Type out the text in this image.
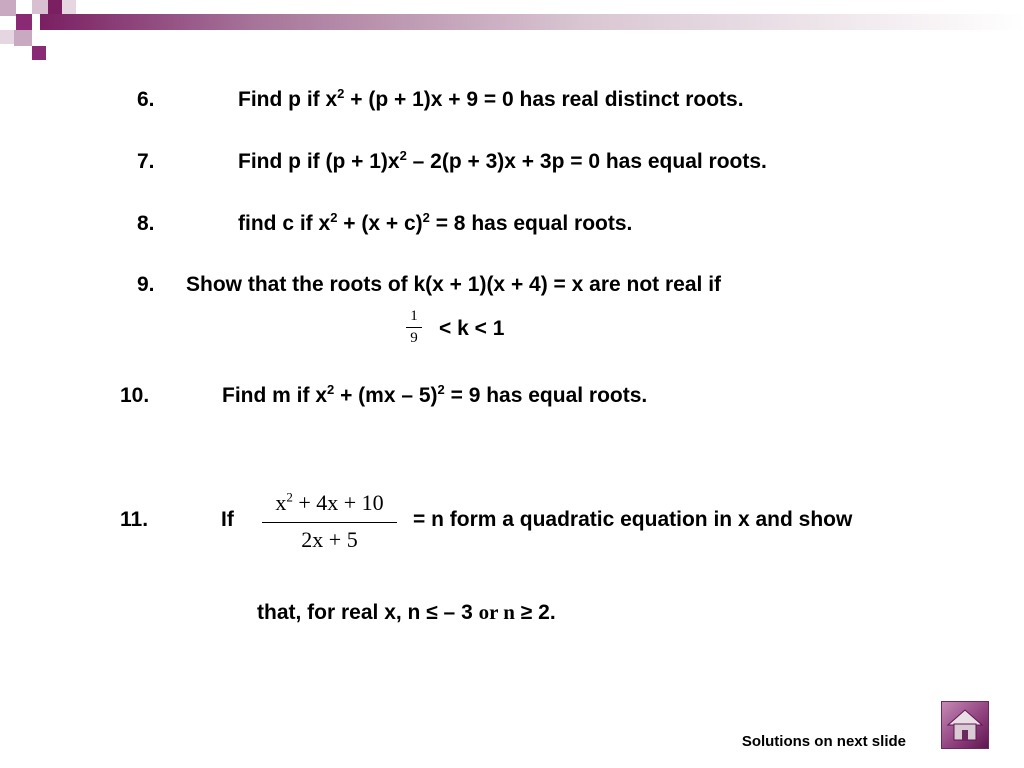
6.	Find p if $x^2 + (p + 1)x + 9 = 0$ has real distinct roots.
7.	Find p if $(p + 1)x^2 - 2(p + 3)x + 3p = 0$ has equal roots.
8.	find c if $x^2 + (x + c)^2 = 8$ has equal roots.
9. Show that the roots of k(x + 1)(x + 4) = x are not real if
1
9 < k < 1
10.	Find m if $x^2 + (mx - 5)^2 = 9$ has equal roots.
11.	If
$x^2 + 4x + 10$
2x + 5
= n form a quadratic equation in x and show
that, for real x, n ≤ – 3 or n ≥ 2.
Solutions on next slide
